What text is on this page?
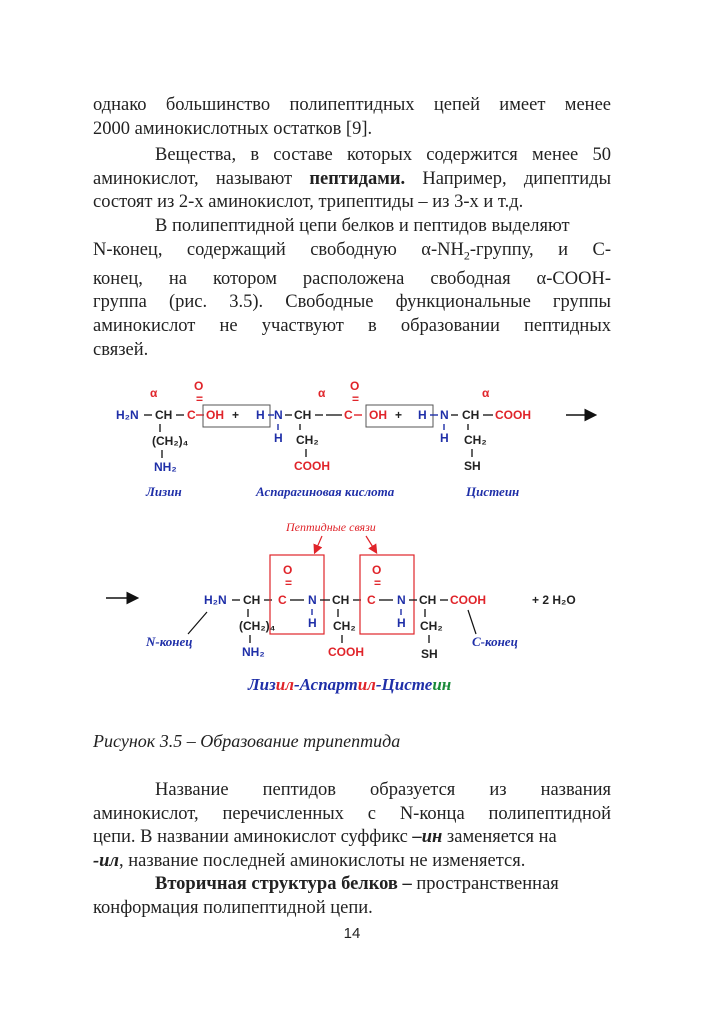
однако большинство полипептидных цепей имеет менее
2000 аминокислотных остатков [9].
Вещества, в составе которых содержится менее 50
аминокислот, называют пептидами. Например, дипептиды
состоят из 2-х аминокислот, трипептиды – из 3-х и т.д.
В полипептидной цепи белков и пептидов выделяют
N-конец, содержащий свободную $\alpha-NH_2$-группу, и С-
конец, на котором расположена свободная α-СООН-
группа (рис. 3.5). Свободные функциональные группы
аминокислот не участвуют в образовании пептидных
связей.
α	O
=
H₂N CH C OH + H
(CH₂)₄
NH₂
N
H
α
CH
O
=
C OH + H
CH₂
COOH
N
H
α
CH COOH
CH₂
SH
Лизин	Аспарагиновая кислота	Цистеин
Пептидные связи
H₂N CH
O
=
C N
H
CH
O
=
C N
H
CH COOH	+ 2 H₂O
(CH₂)₄
NH₂
CH₂
COOH
CH₂
SH
N-конец	С-конец
Лизил-Аспартил-Цистеин
Рисунок 3.5 – Образование трипептида
Название пептидов образуется из названия
аминокислот, перечисленных с N-конца полипептидной
цепи. В названии аминокислот суффикс –ин заменяется на
-ил, название последней аминокислоты не изменяется.
Вторичная структура белков – пространственная
конформация полипептидной цепи.
14
